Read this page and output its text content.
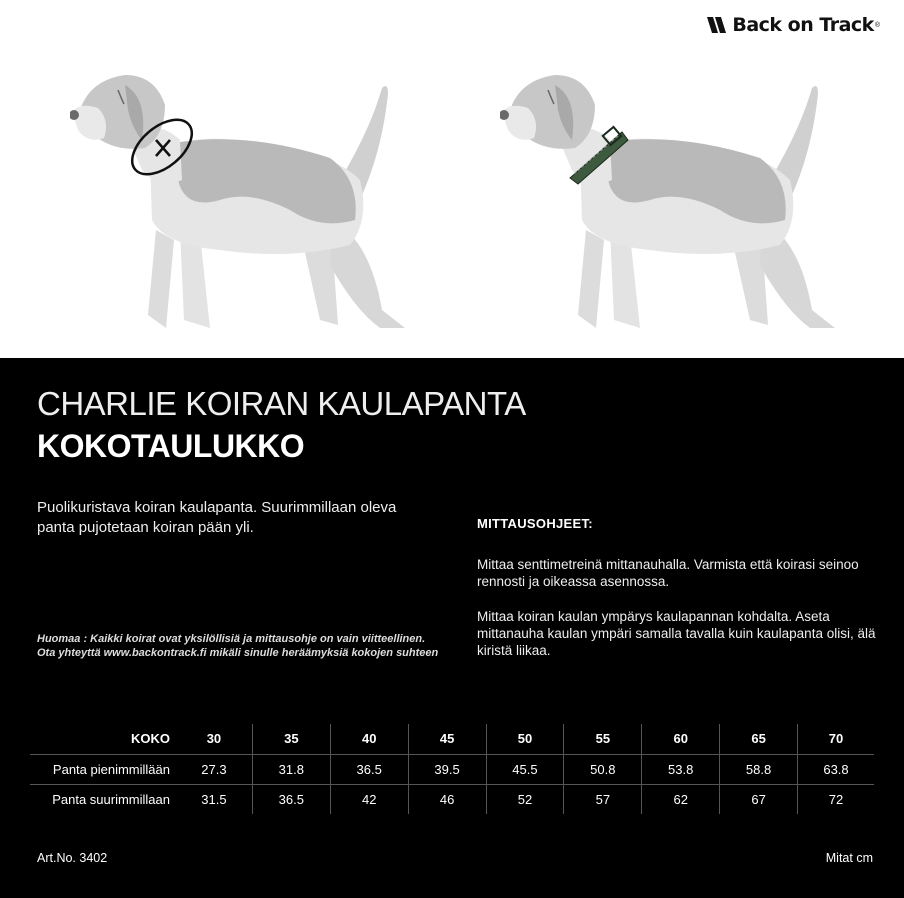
Back on Track ®
CHARLIE KOIRAN KAULAPANTA
KOKOTAULUKKO

Puolikuristava koiran kaulapanta. Suurimmillaan oleva panta pujotetaan koiran pään yli.

Huomaa : Kaikki koirat ovat yksilöllisiä ja mittausohje on vain viitteellinen.
Ota yhteyttä www.backontrack.fi mikäli sinulle heräämyksiä kokojen suhteen
MITTAUSOHJEET:

Mittaa senttimetreinä mittanauhalla. Varmista että koirasi seinoo rennosti ja oikeassa asennossa.

Mittaa koiran kaulan ympärys kaulapannan kohdalta. Aseta mittanauha kaulan ympäri samalla tavalla kuin kaulapanta olisi, älä kiristä liikaa.

KOKO	30	35	40	45	50	55	60	65	70
Panta pienimmillään	27.3	31.8	36.5	39.5	45.5	50.8	53.8	58.8	63.8
Panta suurimmillaan	31.5	36.5	42	46	52	57	62	67	72
Art.No. 3402	Mitat cm
